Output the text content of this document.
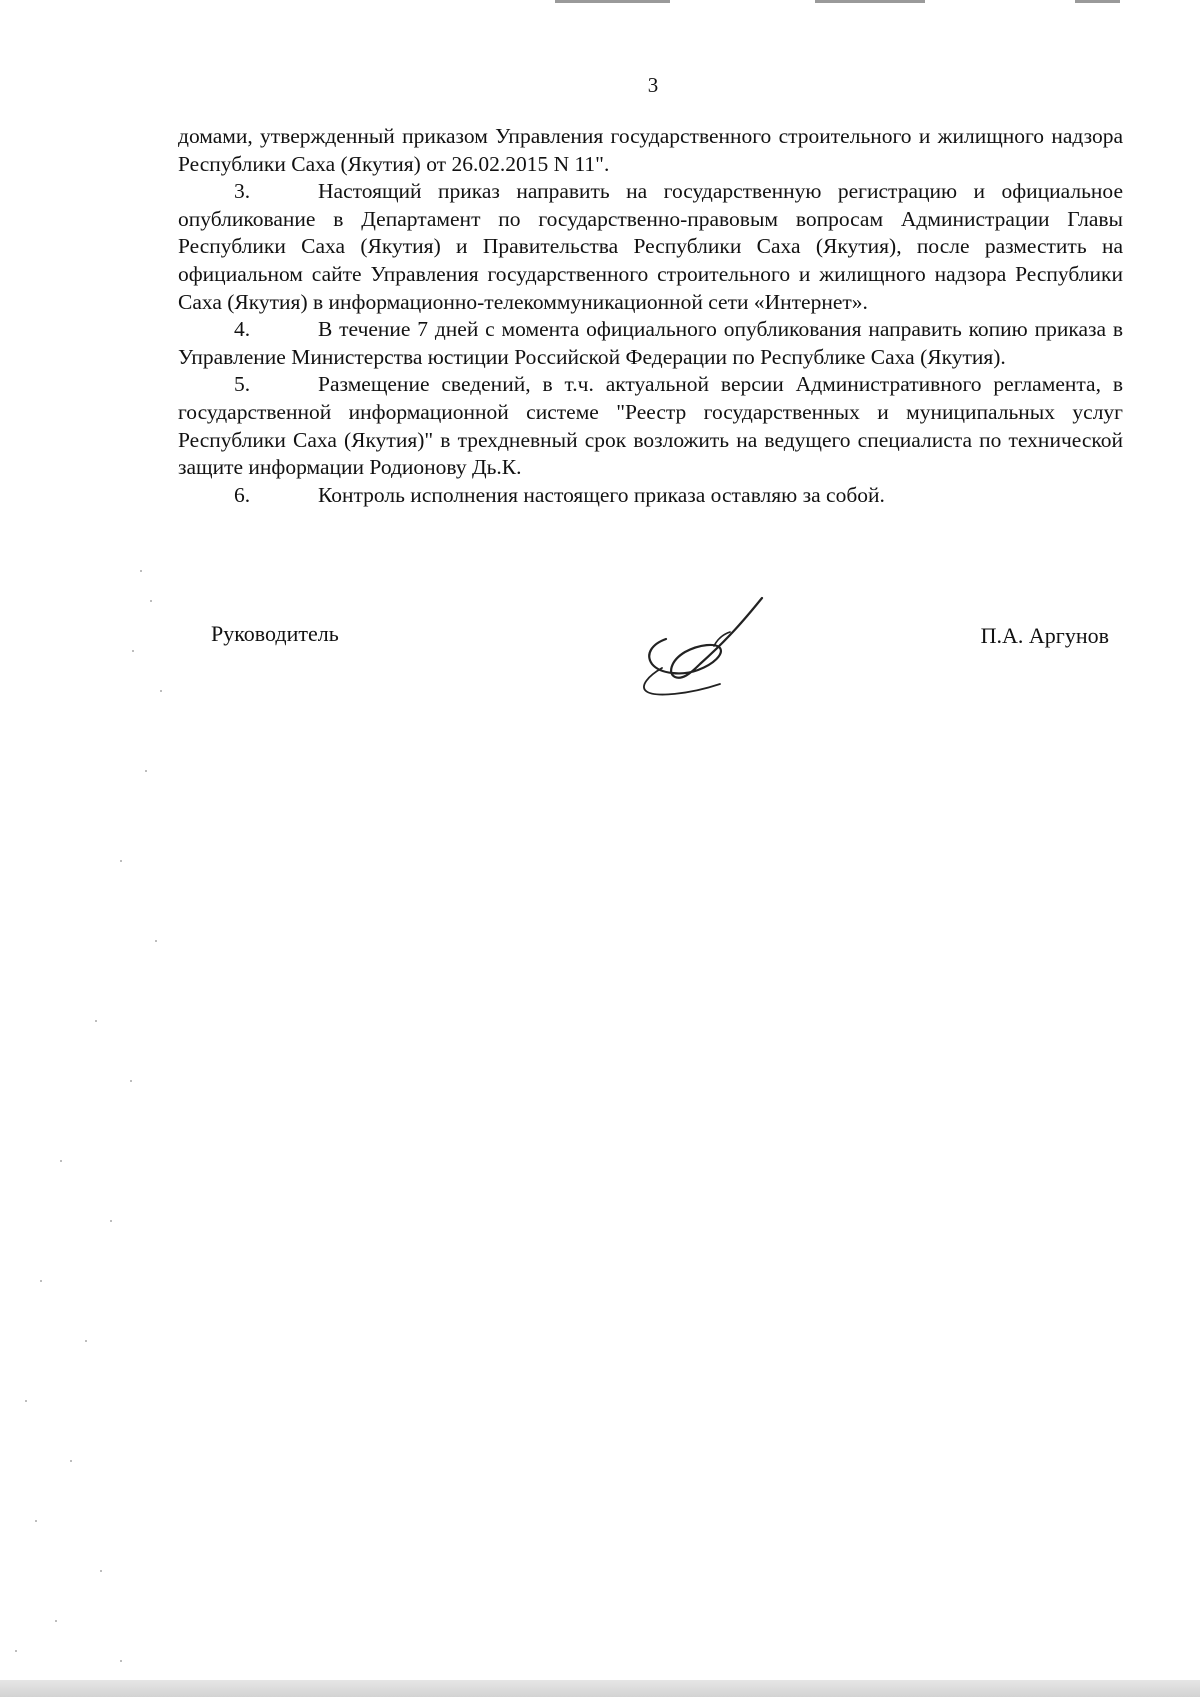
3

домами, утвержденный приказом Управления государственного строительного и жилищного надзора Республики Саха (Якутия) от 26.02.2015 N 11".

3.	Настоящий приказ направить на государственную регистрацию и официальное опубликование в Департамент по государственно-правовым вопросам Администрации Главы Республики Саха (Якутия) и Правительства Республики Саха (Якутия), после разместить на официальном сайте Управления государственного строительного и жилищного надзора Республики Саха (Якутия) в информационно-телекоммуникационной сети «Интернет».

4.	В течение 7 дней с момента официального опубликования направить копию приказа в Управление Министерства юстиции Российской Федерации по Республике Саха (Якутия).

5.	Размещение сведений, в т.ч. актуальной версии Административного регламента, в государственной информационной системе "Реестр государственных и муниципальных услуг Республики Саха (Якутия)" в трехдневный срок возложить на ведущего специалиста по технической защите информации Родионову Дь.К.

6.	Контроль исполнения настоящего приказа оставляю за собой.

Руководитель	П.А. Аргунов
